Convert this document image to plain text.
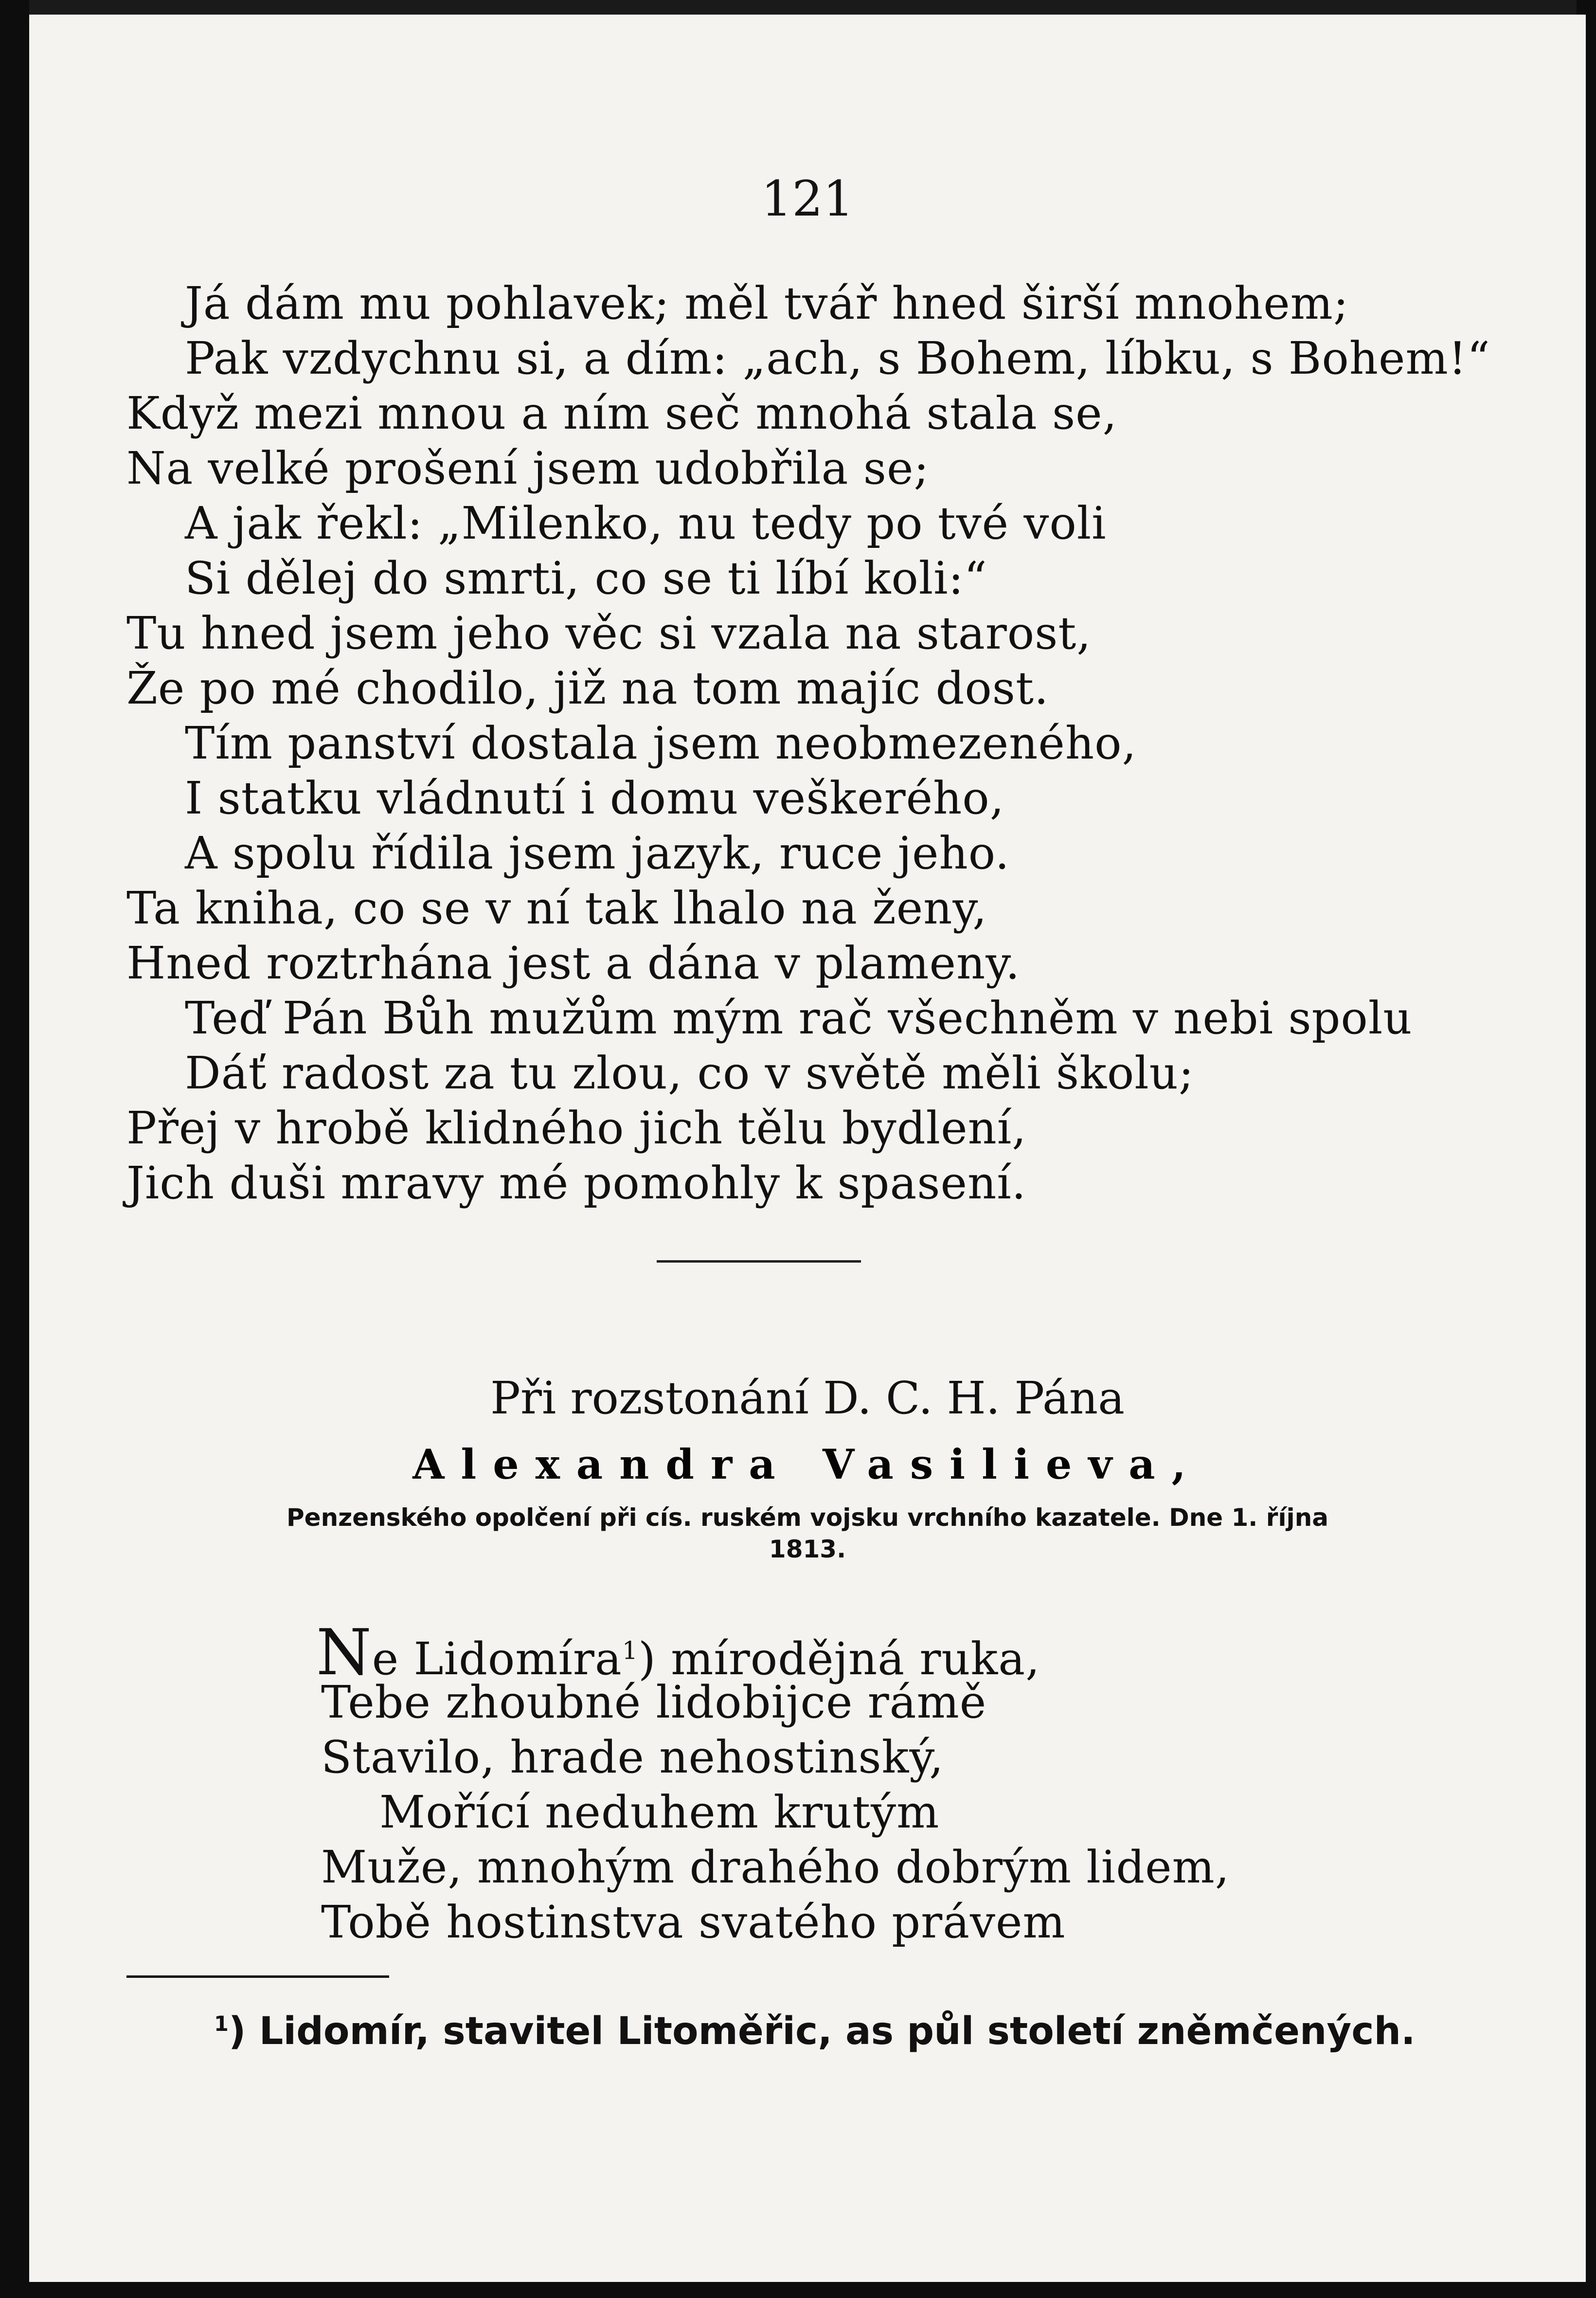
121
Já dám mu pohlavek; měl tvář hned širší mnohem;
Pak vzdychnu si, a dím: „ach, s Bohem, líbku, s Bohem!“
Když mezi mnou a ním seč mnohá stala se,
Na velké prošení jsem udobřila se;
A jak řekl: „Milenko, nu tedy po tvé voli
Si dělej do smrti, co se ti líbí koli:“
Tu hned jsem jeho věc si vzala na starost,
Že po mé chodilo, již na tom majíc dost.
Tím panství dostala jsem neobmezeného,
I statku vládnutí i domu veškerého,
A spolu řídila jsem jazyk, ruce jeho.
Ta kniha, co se v ní tak lhalo na ženy,
Hned roztrhána jest a dána v plameny.
Teď Pán Bůh mužům mým rač všechněm v nebi spolu
Dáť radost za tu zlou, co v světě měli školu;
Přej v hrobě klidného jich tělu bydlení,
Jich duši mravy mé pomohly k spasení.
Při rozstonání D. C. H. Pána
Alexandra Vasilieva,
Penzenského opolčení při cís. ruském vojsku vrchního kazatele. Dne 1. října
1813.
Ne Lidomíra$^1$) mírodějná ruka,
Tebe zhoubné lidobijce rámě
Stavilo, hrade nehostinský,
Mořící neduhem krutým
Muže, mnohým drahého dobrým lidem,
Tobě hostinstva svatého právem
$^1$) Lidomír, stavitel Litoměřic, as půl století zněmčených.
